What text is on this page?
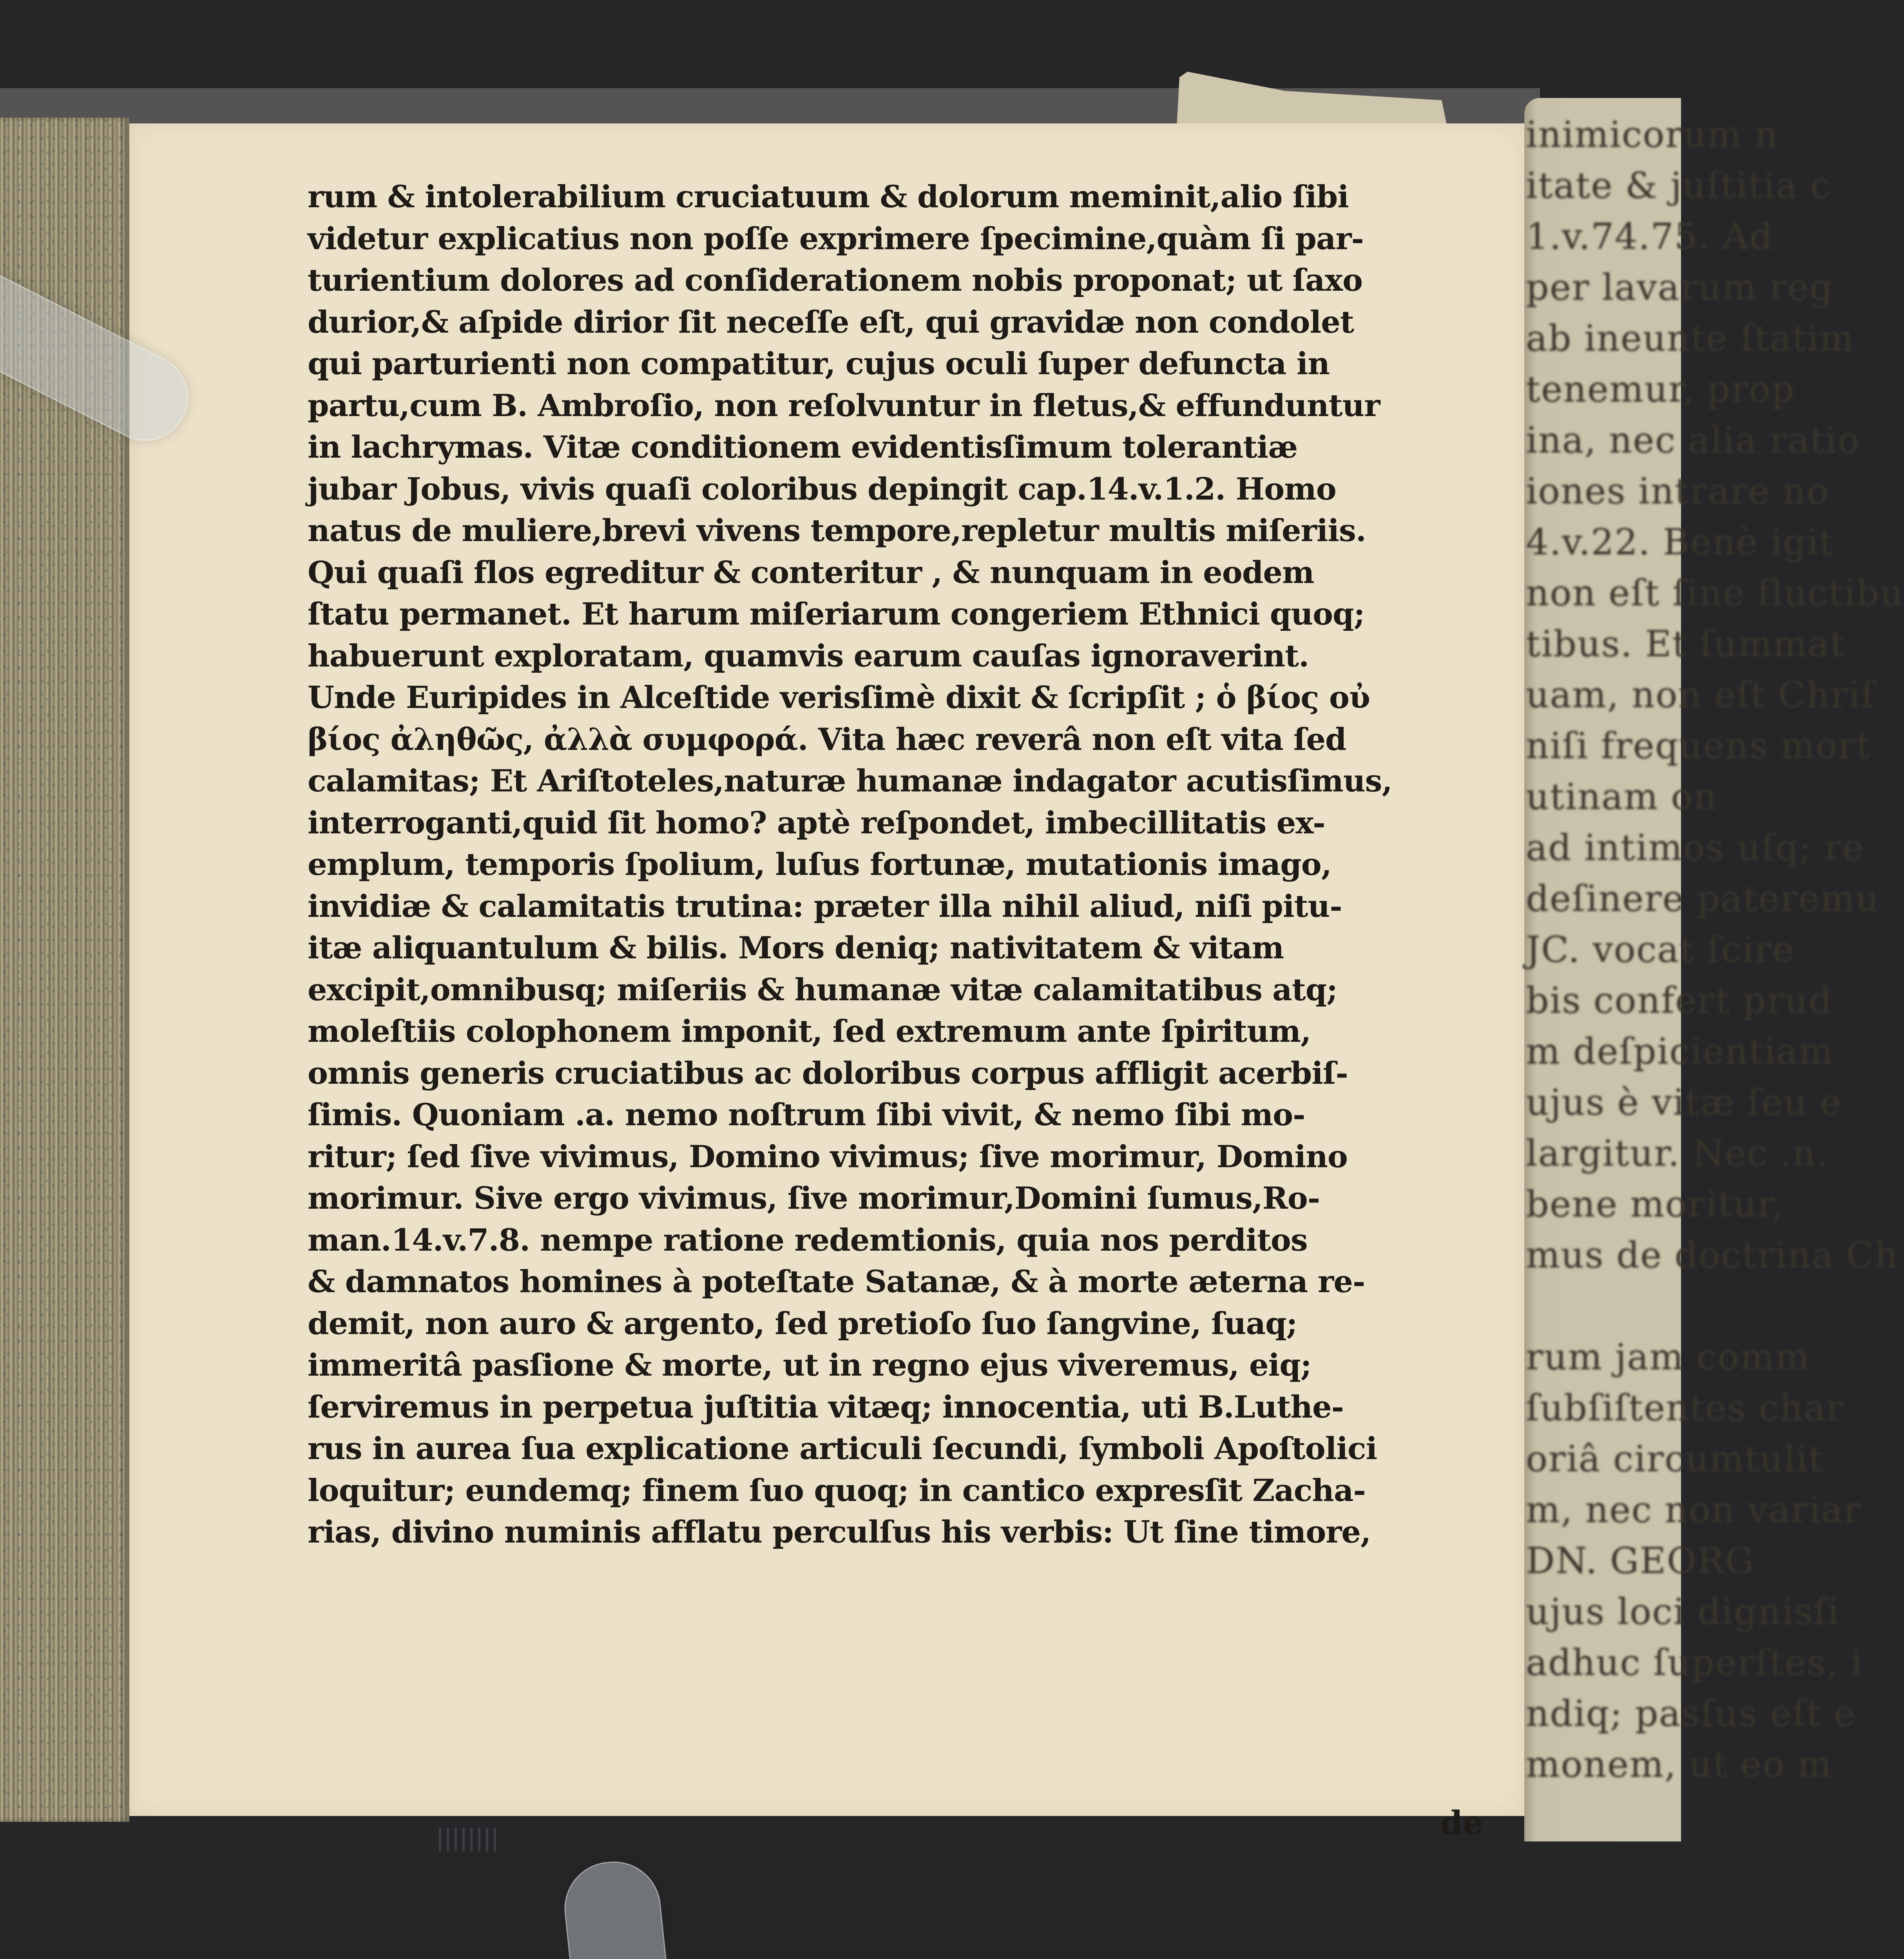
rum & intolerabilium cruciatuum & dolorum meminit,alio ſibi
videtur explicatius non poſſe exprimere ſpecimine,quàm ſi par-
turientium dolores ad conſiderationem nobis proponat; ut ſaxo
durior,& aſpide dirior ſit neceſſe eſt, qui gravidæ non condolet
qui parturienti non compatitur, cujus oculi ſuper defuncta in
partu,cum B. Ambroſio, non reſolvuntur in fletus,& effunduntur
in lachrymas. Vitæ conditionem evidentisſimum tolerantiæ
jubar Jobus, vivis quaſi coloribus depingit cap.14.v.1.2. Homo
natus de muliere,brevi vivens tempore,repletur multis miſeriis.
Qui quaſi flos egreditur & conteritur , & nunquam in eodem
ſtatu permanet. Et harum miſeriarum congeriem Ethnici quoq;
habuerunt exploratam, quamvis earum cauſas ignoraverint.
Unde Euripides in Alceſtide verisſimè dixit & ſcripſit ; ὁ βίος οὐ
βίος ἀληθῶς, ἀλλὰ συμφορά. Vita hæc reverâ non eſt vita ſed
calamitas; Et Ariſtoteles,naturæ humanæ indagator acutisſimus,
interroganti,quid ſit homo? aptè reſpondet, imbecillitatis ex-
emplum, temporis ſpolium, luſus fortunæ, mutationis imago,
invidiæ & calamitatis trutina: præter illa nihil aliud, niſi pitu-
itæ aliquantulum & bilis. Mors deniq; nativitatem & vitam
excipit,omnibusq; miſeriis & humanæ vitæ calamitatibus atq;
moleſtiis colophonem imponit, ſed extremum ante ſpiritum,
omnis generis cruciatibus ac doloribus corpus affligit acerbiſ-
ſimis. Quoniam .a. nemo noſtrum ſibi vivit, & nemo ſibi mo-
ritur; ſed ſive vivimus, Domino vivimus; ſive morimur, Domino
morimur. Sive ergo vivimus, ſive morimur,Domini ſumus,Ro-
man.14.v.7.8. nempe ratione redemtionis, quia nos perditos
& damnatos homines à poteſtate Satanæ, & à morte æterna re-
demit, non auro & argento, ſed pretioſo ſuo ſangvine, ſuaq;
immeritâ pasſione & morte, ut in regno ejus viveremus, eiq;
ſerviremus in perpetua juſtitia vitæq; innocentia, uti B.Luthe-
rus in aurea ſua explicatione articuli ſecundi, ſymboli Apoſtolici
loquitur; eundemq; finem ſuo quoq; in cantico expresſit Zacha-
rias, divino numinis afflatu perculſus his verbis: Ut ſine timore,
de
inimicorum n
itate & juſtitia c
1.v.74.75. Ad
per lavarum reg
ab ineunte ſtatim
tenemur, prop
ina, nec alia ratio
iones intrare no
4.v.22. Benè igit
non eſt ſine fluctibu
tibus. Et ſummat
uam, non eſt Chriſ
niſi frequens mort
utinam on
ad intimos uſq; re
deſinere pateremu
JC. vocat ſcire
bis confert prud
m deſpicientiam
ujus è vitæ ſeu e
largitur. Nec .n.
bene moritur,
mus de doctrina Ch
rum jam comm
ſubſiſtentes char
oriâ circumtulit
m, nec non variar
DN. GEORG
ujus loci dignisſi
adhuc ſuperſtes, i
ndiq; pasſus eſt e
monem, ut eo m
